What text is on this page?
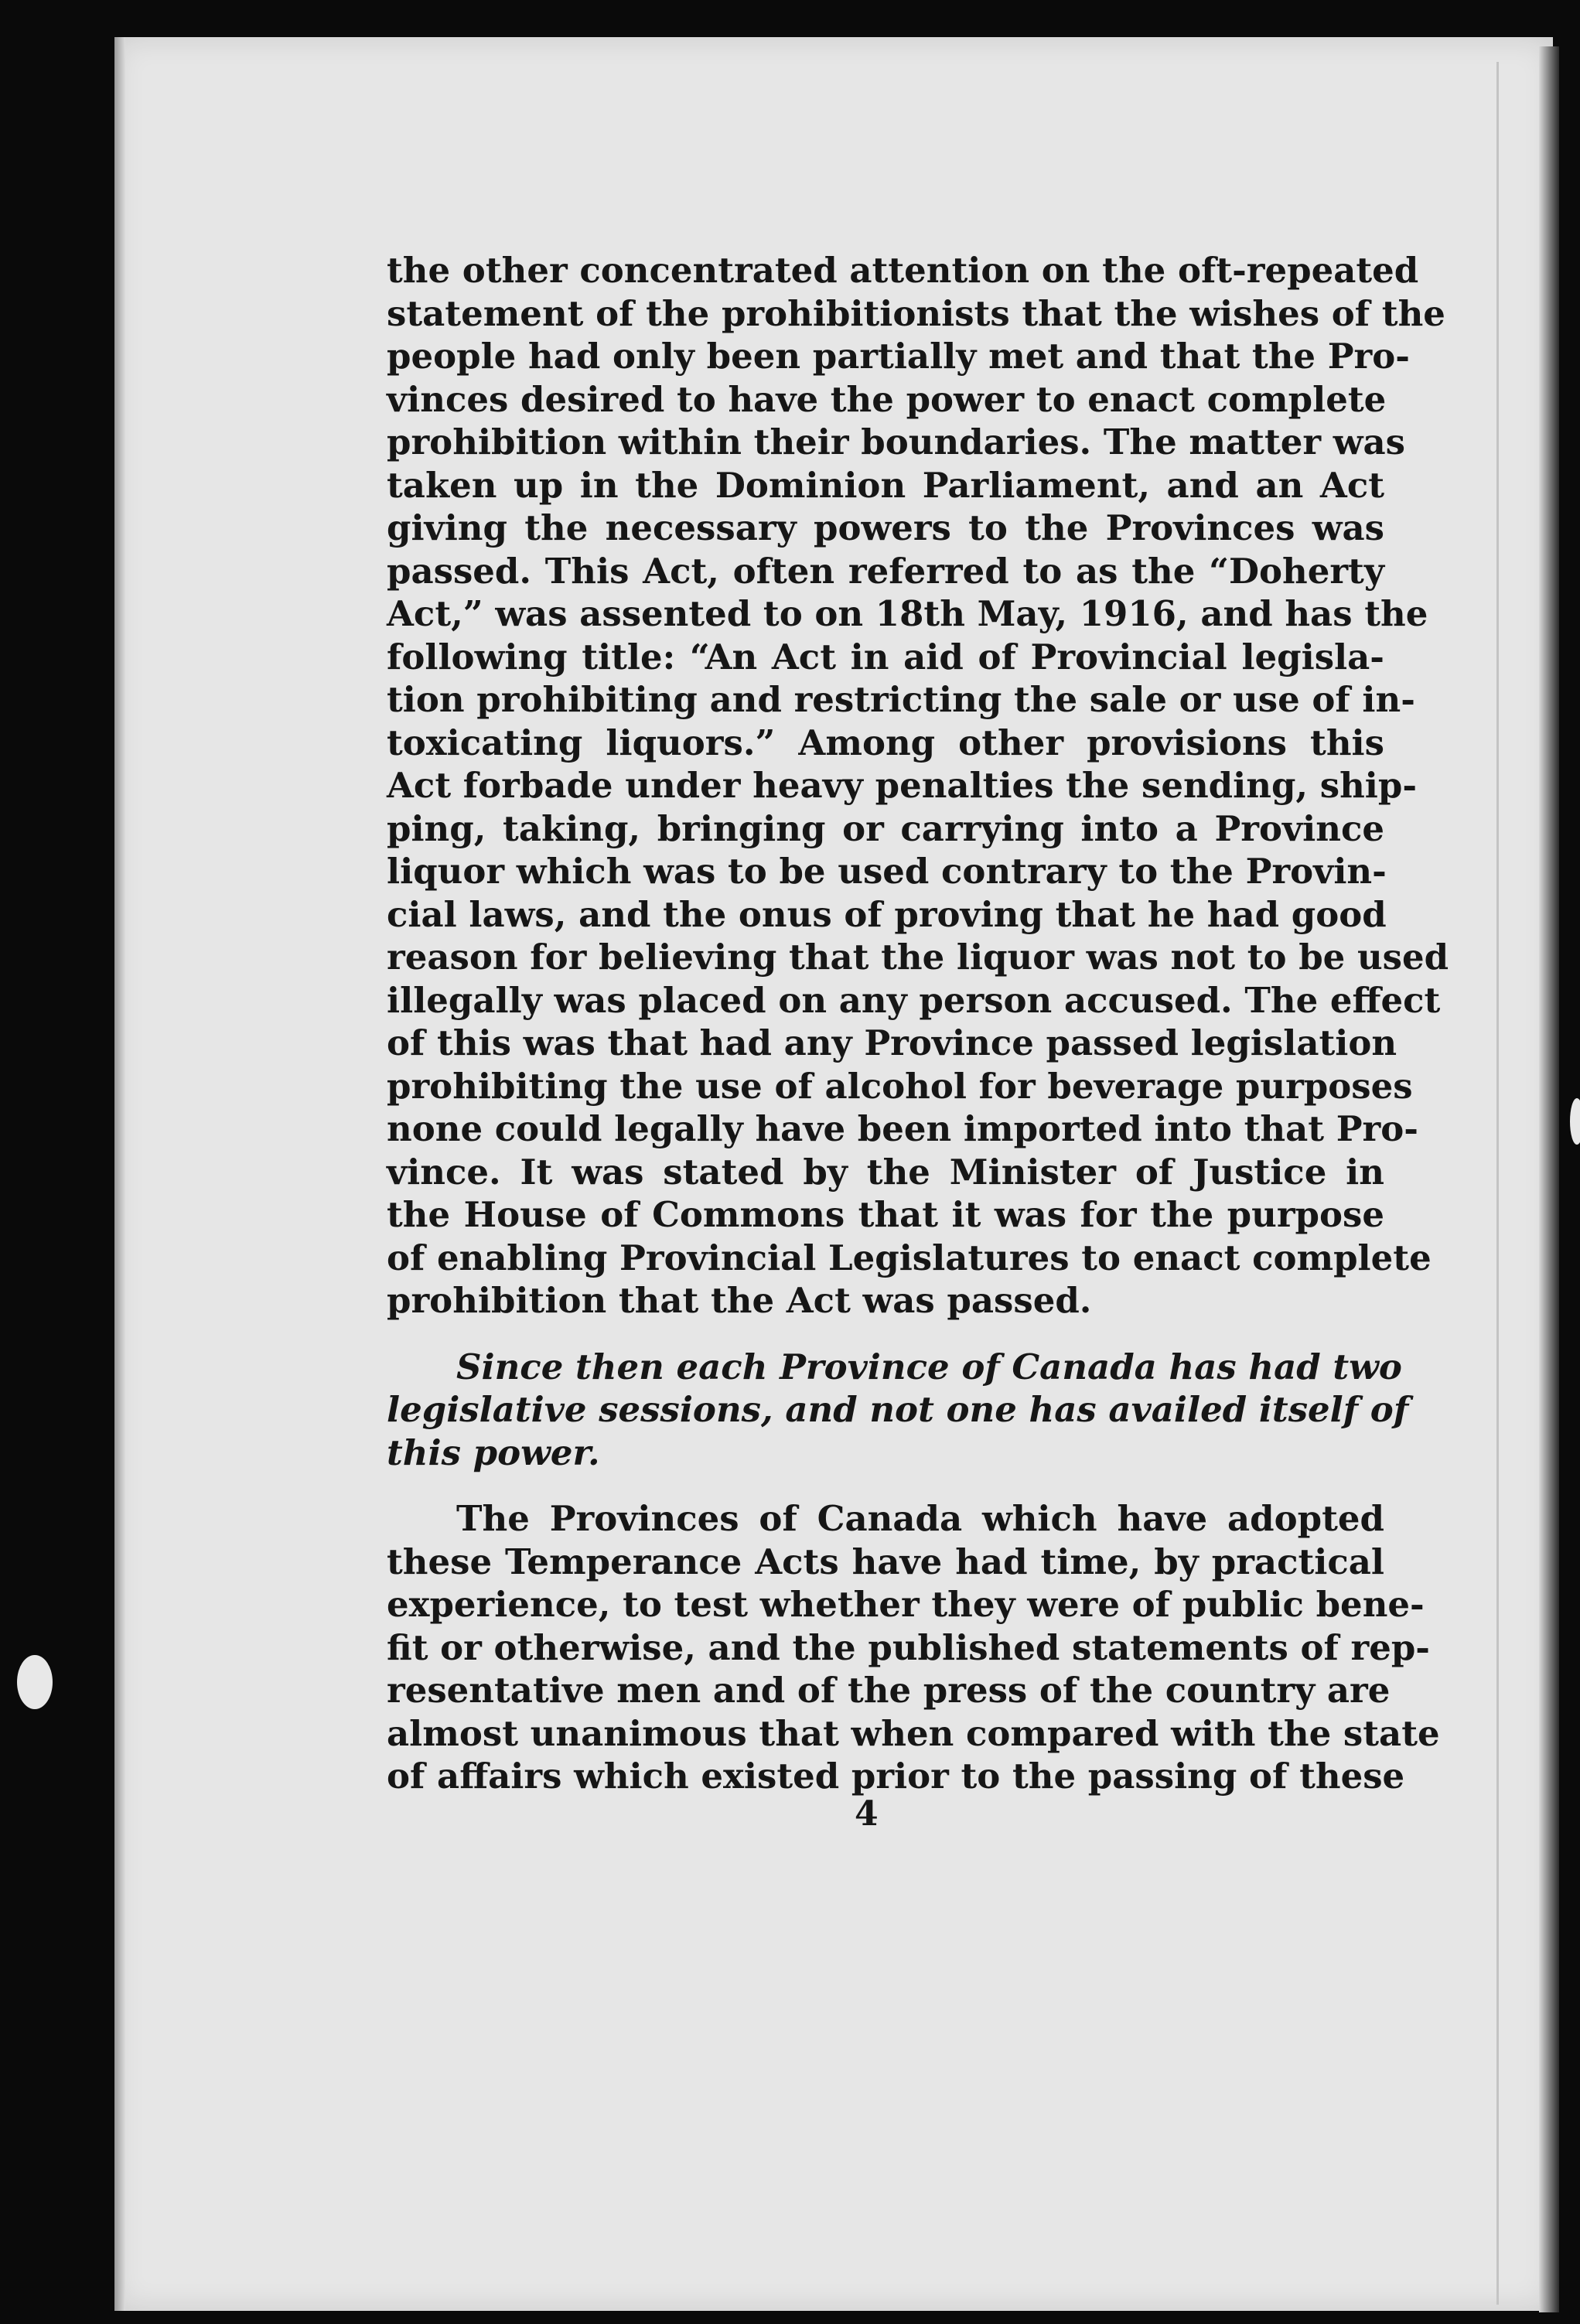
the other concentrated attention on the oft-repeated
statement of the prohibitionists that the wishes of the
people had only been partially met and that the Pro-
vinces desired to have the power to enact complete
prohibition within their boundaries. The matter was
taken up in the Dominion Parliament, and an Act
giving the necessary powers to the Provinces was
passed. This Act, often referred to as the “Doherty
Act,” was assented to on 18th May, 1916, and has the
following title: “An Act in aid of Provincial legisla-
tion prohibiting and restricting the sale or use of in-
toxicating liquors.” Among other provisions this
Act forbade under heavy penalties the sending, ship-
ping, taking, bringing or carrying into a Province
liquor which was to be used contrary to the Provin-
cial laws, and the onus of proving that he had good
reason for believing that the liquor was not to be used
illegally was placed on any person accused. The effect
of this was that had any Province passed legislation
prohibiting the use of alcohol for beverage purposes
none could legally have been imported into that Pro-
vince. It was stated by the Minister of Justice in
the House of Commons that it was for the purpose
of enabling Provincial Legislatures to enact complete
prohibition that the Act was passed.
Since then each Province of Canada has had two
legislative sessions, and not one has availed itself of
this power.
The Provinces of Canada which have adopted
these Temperance Acts have had time, by practical
experience, to test whether they were of public bene-
fit or otherwise, and the published statements of rep-
resentative men and of the press of the country are
almost unanimous that when compared with the state
of affairs which existed prior to the passing of these
4
